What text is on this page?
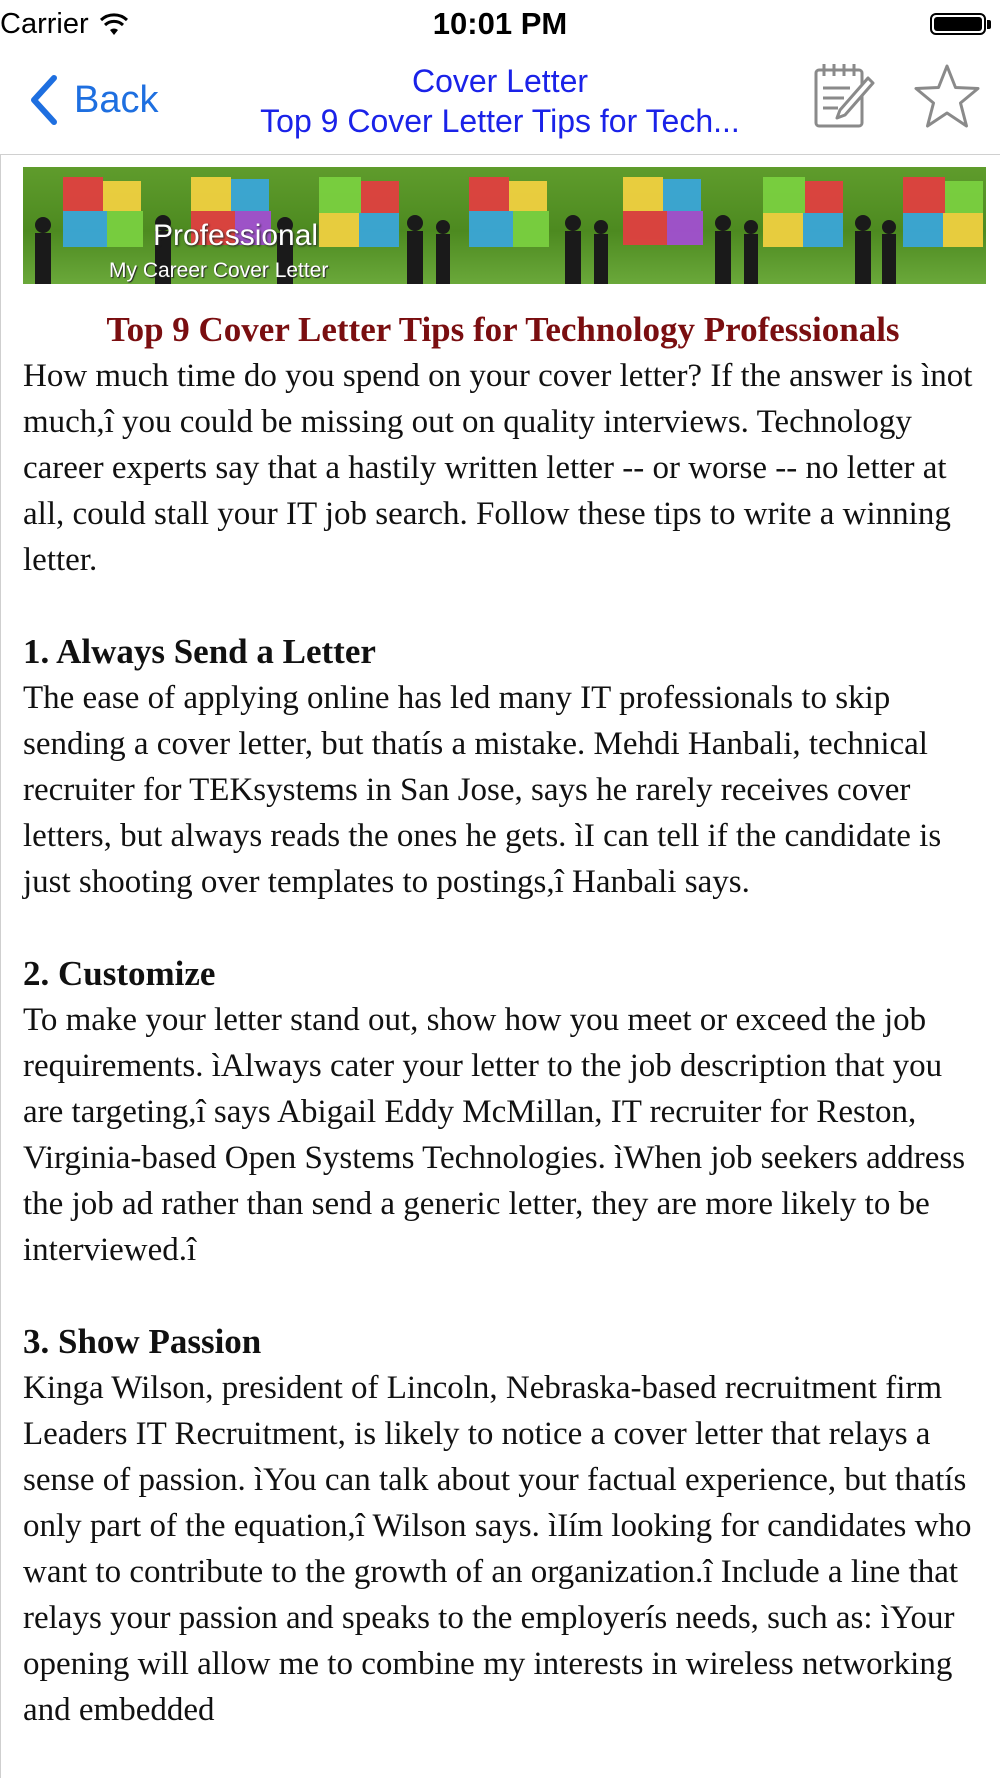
Carrier	10:01 PM
Back	Cover Letter
Top 9 Cover Letter Tips for Tech...
Professional
My Career Cover Letter
Top 9 Cover Letter Tips for Technology Professionals

How much time do you spend on your cover letter? If the answer is ìnot much,î you could be missing out on quality interviews. Technology career experts say that a hastily written letter -- or worse -- no letter at all, could stall your IT job search. Follow these tips to write a winning letter.

1. Always Send a Letter

The ease of applying online has led many IT professionals to skip sending a cover letter, but thatís a mistake. Mehdi Hanbali, technical recruiter for TEKsystems in San Jose, says he rarely receives cover letters, but always reads the ones he gets. ìI can tell if the candidate is just shooting over templates to postings,î Hanbali says.

2. Customize

To make your letter stand out, show how you meet or exceed the job requirements. ìAlways cater your letter to the job description that you are targeting,î says Abigail Eddy McMillan, IT recruiter for Reston, Virginia-based Open Systems Technologies. ìWhen job seekers address the job ad rather than send a generic letter, they are more likely to be interviewed.î

3. Show Passion

Kinga Wilson, president of Lincoln, Nebraska-based recruitment firm Leaders IT Recruitment, is likely to notice a cover letter that relays a sense of passion. ìYou can talk about your factual experience, but thatís only part of the equation,î Wilson says. ìIím looking for candidates who want to contribute to the growth of an organization.î Include a line that relays your passion and speaks to the employerís needs, such as: ìYour opening will allow me to combine my interests in wireless networking and embedded
